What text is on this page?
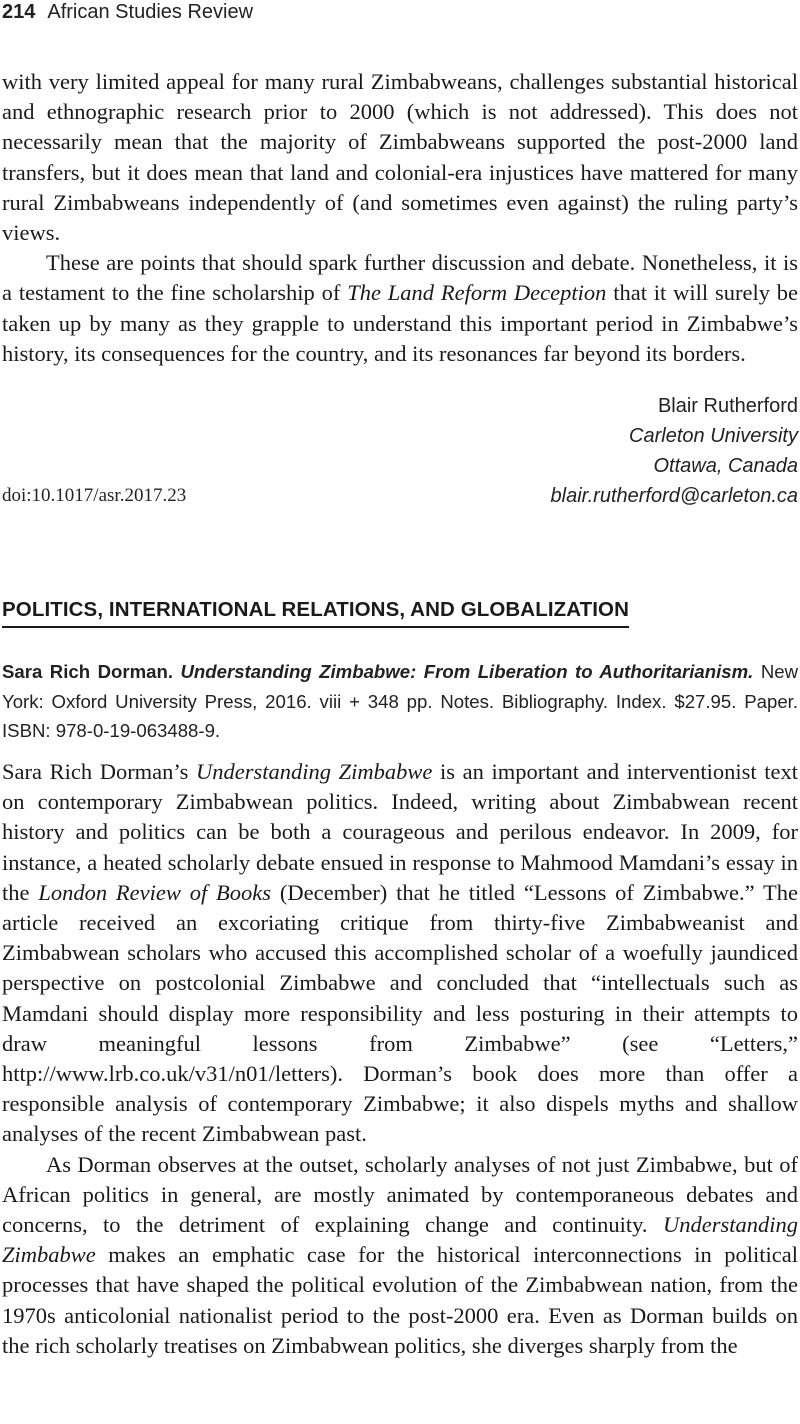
214 African Studies Review

with very limited appeal for many rural Zimbabweans, challenges substantial historical and ethnographic research prior to 2000 (which is not addressed). This does not necessarily mean that the majority of Zimbabweans supported the post-2000 land transfers, but it does mean that land and colonial-era injustices have mattered for many rural Zimbabweans independently of (and sometimes even against) the ruling party’s views.

These are points that should spark further discussion and debate. Nonetheless, it is a testament to the fine scholarship of The Land Reform Deception that it will surely be taken up by many as they grapple to understand this important period in Zimbabwe’s history, its consequences for the country, and its resonances far beyond its borders.

Blair Rutherford
Carleton University
Ottawa, Canada
blair.rutherford@carleton.ca
doi:10.1017/asr.2017.23
POLITICS, INTERNATIONAL RELATIONS, AND GLOBALIZATION

Sara Rich Dorman. Understanding Zimbabwe: From Liberation to Authoritarianism. New York: Oxford University Press, 2016. viii + 348 pp. Notes. Bibliography. Index. $27.95. Paper. ISBN: 978-0-19-063488-9.

Sara Rich Dorman’s Understanding Zimbabwe is an important and interventionist text on contemporary Zimbabwean politics. Indeed, writing about Zimbabwean recent history and politics can be both a courageous and perilous endeavor. In 2009, for instance, a heated scholarly debate ensued in response to Mahmood Mamdani’s essay in the London Review of Books (December) that he titled “Lessons of Zimbabwe.” The article received an excoriating critique from thirty-five Zimbabweanist and Zimbabwean scholars who accused this accomplished scholar of a woefully jaundiced perspective on postcolonial Zimbabwe and concluded that “intellectuals such as Mamdani should display more responsibility and less posturing in their attempts to draw meaningful lessons from Zimbabwe” (see “Letters,” http://www.lrb.co.uk/v31/n01/letters). Dorman’s book does more than offer a responsible analysis of contemporary Zimbabwe; it also dispels myths and shallow analyses of the recent Zimbabwean past.

As Dorman observes at the outset, scholarly analyses of not just Zimbabwe, but of African politics in general, are mostly animated by contemporaneous debates and concerns, to the detriment of explaining change and continuity. Understanding Zimbabwe makes an emphatic case for the historical interconnections in political processes that have shaped the political evolution of the Zimbabwean nation, from the 1970s anticolonial nationalist period to the post-2000 era. Even as Dorman builds on the rich scholarly treatises on Zimbabwean politics, she diverges sharply from the
